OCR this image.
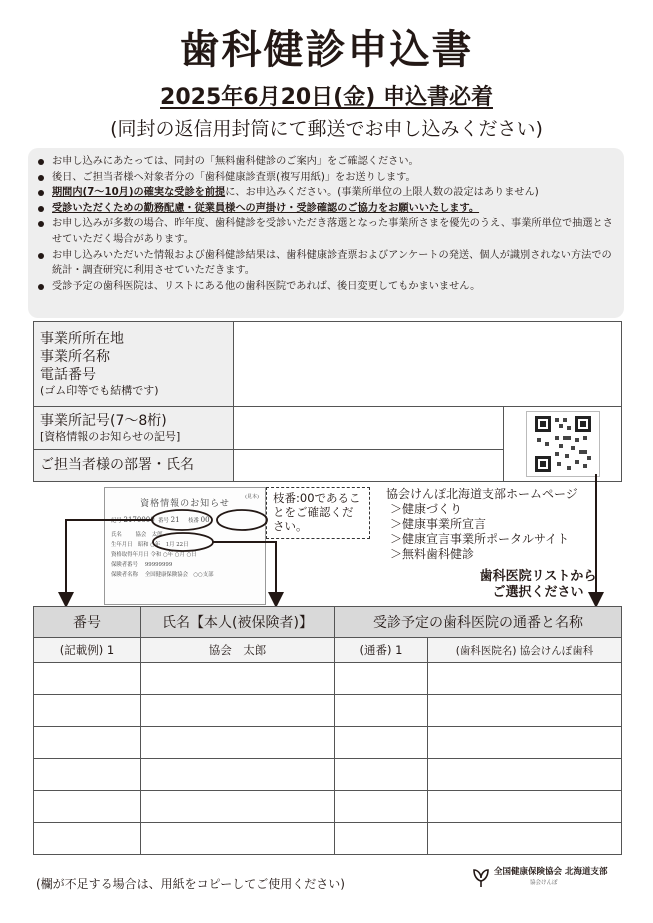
歯科健診申込書
2025年6月20日(金) 申込書必着
(同封の返信用封筒にて郵送でお申し込みください)
お申し込みにあたっては、同封の「無料歯科健診のご案内」をご確認ください。
後日、ご担当者様へ対象者分の「歯科健康診査票(複写用紙)」をお送りします。
期間内(7〜10月)の確実な受診を前提に、お申込みください。(事業所単位の上限人数の設定はありません)
受診いただくための勤務配慮・従業員様への声掛け・受診確認のご協力をお願いいたします。
お申し込みが多数の場合、昨年度、歯科健診を受診いただき落選となった事業所さまを優先のうえ、事業所単位で抽選とさせていただく場合があります。
お申し込みいただいた情報および歯科健診結果は、歯科健康診査票およびアンケートの発送、個人が識別されない方法での統計・調査研究に利用させていただきます。
受診予定の歯科医院は、リストにある他の歯科医院であれば、後日変更してもかまいません。
事業所所在地
事業所名称
電話番号
(ゴム印等でも結構です)		

事業所記号(7〜8桁)
[資格情報のお知らせの記号]

ご担当者様の部署・氏名		

(見本)
資格情報のお知らせ
記号 2170000 番号 21 枝番 00
氏名	協会　太郎
生年月日 昭和 ○年　1月 22日
資格取得年月日 令和 ○年 ○月 ○日
保険者番号 99999999
保険者名称 全国健康保険協会　○○支部
枝番:00であることをご確認ください。
協会けんぽ北海道支部ホームページ
＞健康づくり
＞健康事業所宣言
＞健康宣言事業所ポータルサイト
＞無料歯科健診
歯科医院リストから
ご選択ください
番号	氏名【本人(被保険者)】	受診予定の歯科医院の通番と名称	
(記載例) 1	協会　太郎	(通番) 1	(歯科医院名) 協会けんぽ歯科

(欄が不足する場合は、用紙をコピーしてご使用ください)
全国健康保険協会 北海道支部
協会けんぽ
